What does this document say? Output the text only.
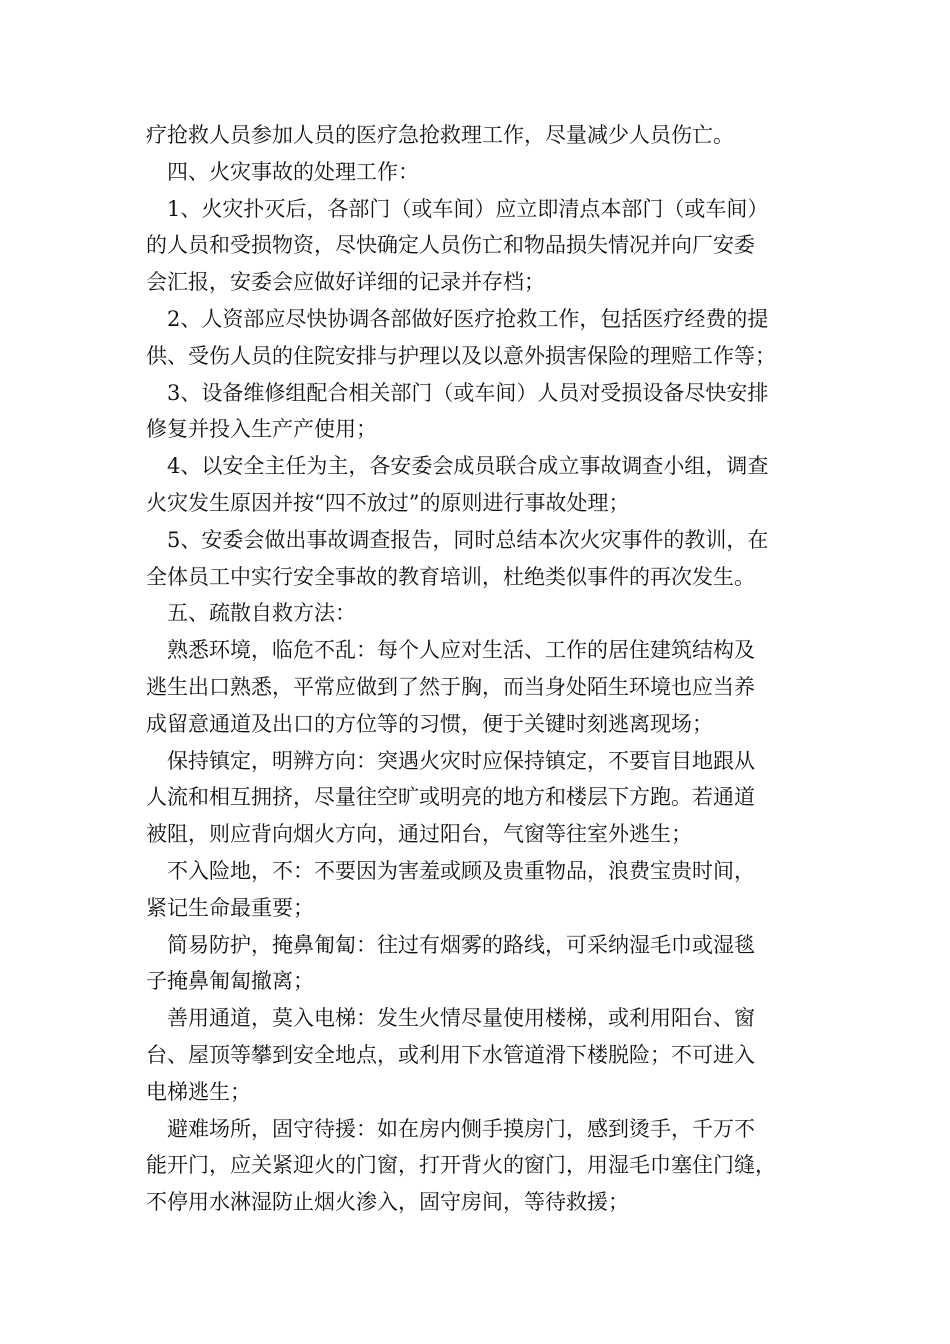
疗抢救人员参加人员的医疗急抢救理工作，尽量减少人员伤亡。
四、火灾事故的处理工作：
1、火灾扑灭后，各部门（或车间）应立即清点本部门（或车间）
的人员和受损物资，尽快确定人员伤亡和物品损失情况并向厂安委
会汇报，安委会应做好详细的记录并存档；
2、人资部应尽快协调各部做好医疗抢救工作，包括医疗经费的提
供、受伤人员的住院安排与护理以及以意外损害保险的理赔工作等；
3、设备维修组配合相关部门（或车间）人员对受损设备尽快安排
修复并投入生产产使用；
4、以安全主任为主，各安委会成员联合成立事故调查小组，调查
火灾发生原因并按“四不放过”的原则进行事故处理；
5、安委会做出事故调查报告，同时总结本次火灾事件的教训，在
全体员工中实行安全事故的教育培训，杜绝类似事件的再次发生。
五、疏散自救方法：
熟悉环境，临危不乱：每个人应对生活、工作的居住建筑结构及
逃生出口熟悉，平常应做到了然于胸，而当身处陌生环境也应当养
成留意通道及出口的方位等的习惯，便于关键时刻逃离现场；
保持镇定，明辨方向：突遇火灾时应保持镇定，不要盲目地跟从
人流和相互拥挤，尽量往空旷或明亮的地方和楼层下方跑。若通道
被阻，则应背向烟火方向，通过阳台，气窗等往室外逃生；
不入险地，不：不要因为害羞或顾及贵重物品，浪费宝贵时间，
紧记生命最重要；
简易防护，掩鼻匍匐：往过有烟雾的路线，可采纳湿毛巾或湿毯
子掩鼻匍匐撤离；
善用通道，莫入电梯：发生火情尽量使用楼梯，或利用阳台、窗
台、屋顶等攀到安全地点，或利用下水管道滑下楼脱险；不可进入
电梯逃生；
避难场所，固守待援：如在房内侧手摸房门，感到烫手，千万不
能开门，应关紧迎火的门窗，打开背火的窗门，用湿毛巾塞住门缝，
不停用水淋湿防止烟火渗入，固守房间，等待救援；
